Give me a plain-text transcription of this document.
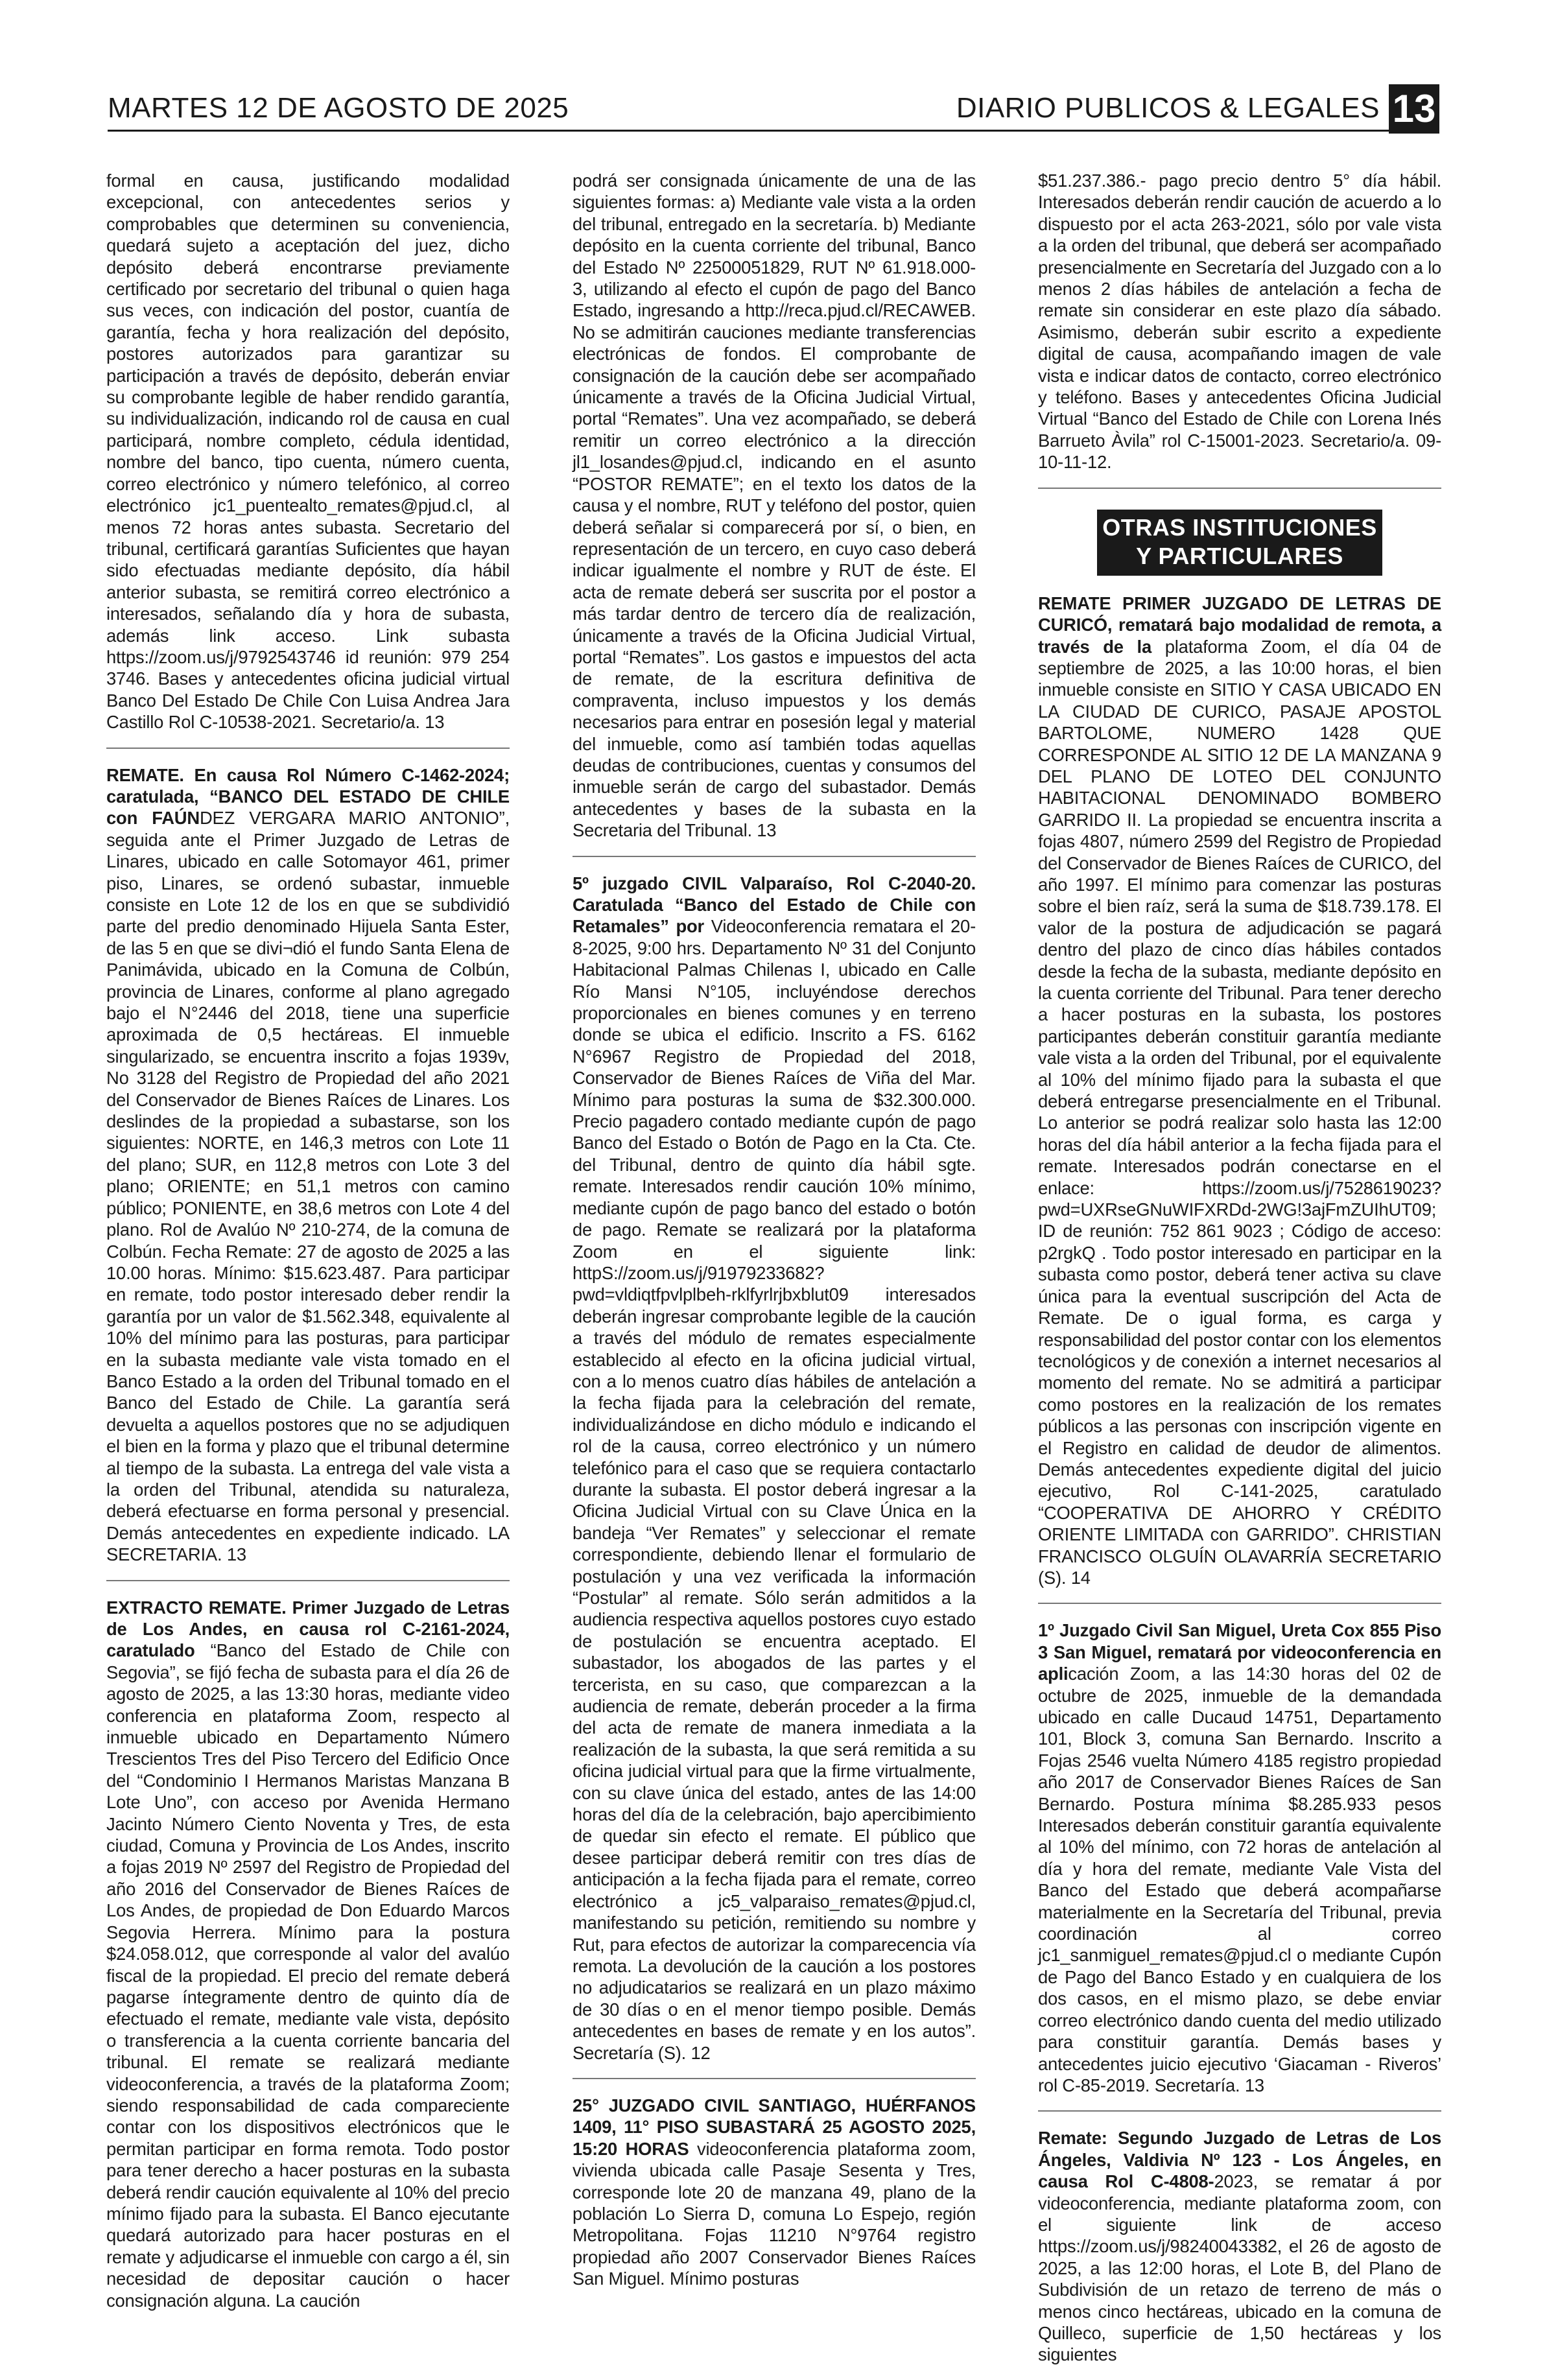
MARTES 12 DE AGOSTO DE 2025	DIARIO PUBLICOS & LEGALES 13
formal en causa, justificando modalidad excepcional, con antecedentes serios y comprobables que determinen su conveniencia, quedará sujeto a aceptación del juez, dicho depósito deberá encontrarse previamente certificado por secretario del tribunal o quien haga sus veces, con indicación del postor, cuantía de garantía, fecha y hora realización del depósito, postores autorizados para garantizar su participación a través de depósito, deberán enviar su comprobante legible de haber rendido garantía, su individualización, indicando rol de causa en cual participará, nombre completo, cédula identidad, nombre del banco, tipo cuenta, número cuenta, correo electrónico y número telefónico, al correo electrónico jc1_puentealto_remates@pjud.cl, al menos 72 horas antes subasta. Secretario del tribunal, certificará garantías Suficientes que hayan sido efectuadas mediante depósito, día hábil anterior subasta, se remitirá correo electrónico a interesados, señalando día y hora de subasta, además link acceso. Link subasta https://zoom.us/j/9792543746 id reunión: 979 254 3746. Bases y antecedentes oficina judicial virtual Banco Del Estado De Chile Con Luisa Andrea Jara Castillo Rol C-10538-2021. Secretario/a. 13
REMATE. En causa Rol Número C-1462-2024; caratulada, “BANCO DEL ESTADO DE CHILE con FAÚNDEZ VERGARA MARIO ANTONIO”, seguida ante el Primer Juzgado de Letras de Linares, ubicado en calle Sotomayor 461, primer piso, Linares, se ordenó subastar, inmueble consiste en Lote 12 de los en que se subdividió parte del predio denominado Hijuela Santa Ester, de las 5 en que se divi¬dió el fundo Santa Elena de Panimávida, ubicado en la Comuna de Colbún, provincia de Linares, conforme al plano agregado bajo el N°2446 del 2018, tiene una superficie aproximada de 0,5 hectáreas. El inmueble singularizado, se encuentra inscrito a fojas 1939v, No 3128 del Registro de Propiedad del año 2021 del Conservador de Bienes Raíces de Linares. Los deslindes de la propiedad a subastarse, son los siguientes: NORTE, en 146,3 metros con Lote 11 del plano; SUR, en 112,8 metros con Lote 3 del plano; ORIENTE; en 51,1 metros con camino público; PONIENTE, en 38,6 metros con Lote 4 del plano. Rol de Avalúo Nº 210-274, de la comuna de Colbún. Fecha Remate: 27 de agosto de 2025 a las 10.00 horas. Mínimo: $15.623.487. Para participar en remate, todo postor interesado deber rendir la garantía por un valor de $1.562.348, equivalente al 10% del mínimo para las posturas, para participar en la subasta mediante vale vista tomado en el Banco Estado a la orden del Tribunal tomado en el Banco del Estado de Chile. La garantía será devuelta a aquellos postores que no se adjudiquen el bien en la forma y plazo que el tribunal determine al tiempo de la subasta. La entrega del vale vista a la orden del Tribunal, atendida su naturaleza, deberá efectuarse en forma personal y presencial. Demás antecedentes en expediente indicado. LA SECRETARIA. 13
EXTRACTO REMATE. Primer Juzgado de Letras de Los Andes, en causa rol C-2161-2024, caratulado “Banco del Estado de Chile con Segovia”, se fijó fecha de subasta para el día 26 de agosto de 2025, a las 13:30 horas, mediante video conferencia en plataforma Zoom, respecto al inmueble ubicado en Departamento Número Trescientos Tres del Piso Tercero del Edificio Once del “Condominio I Hermanos Maristas Manzana B Lote Uno”, con acceso por Avenida Hermano Jacinto Número Ciento Noventa y Tres, de esta ciudad, Comuna y Provincia de Los Andes, inscrito a fojas 2019 Nº 2597 del Registro de Propiedad del año 2016 del Conservador de Bienes Raíces de Los Andes, de propiedad de Don Eduardo Marcos Segovia Herrera. Mínimo para la postura $24.058.012, que corresponde al valor del avalúo fiscal de la propiedad. El precio del remate deberá pagarse íntegramente dentro de quinto día de efectuado el remate, mediante vale vista, depósito o transferencia a la cuenta corriente bancaria del tribunal. El remate se realizará mediante videoconferencia, a través de la plataforma Zoom; siendo responsabilidad de cada compareciente contar con los dispositivos electrónicos que le permitan participar en forma remota. Todo postor para tener derecho a hacer posturas en la subasta deberá rendir caución equivalente al 10% del precio mínimo fijado para la subasta. El Banco ejecutante quedará autorizado para hacer posturas en el remate y adjudicarse el inmueble con cargo a él, sin necesidad de depositar caución o hacer consignación alguna. La caución
podrá ser consignada únicamente de una de las siguientes formas: a) Mediante vale vista a la orden del tribunal, entregado en la secretaría. b) Mediante depósito en la cuenta corriente del tribunal, Banco del Estado Nº 22500051829, RUT Nº 61.918.000- 3, utilizando al efecto el cupón de pago del Banco Estado, ingresando a http://reca.pjud.cl/RECAWEB. No se admitirán cauciones mediante transferencias electrónicas de fondos. El comprobante de consignación de la caución debe ser acompañado únicamente a través de la Oficina Judicial Virtual, portal “Remates”. Una vez acompañado, se deberá remitir un correo electrónico a la dirección jl1_losandes@pjud.cl, indicando en el asunto “POSTOR REMATE”; en el texto los datos de la causa y el nombre, RUT y teléfono del postor, quien deberá señalar si comparecerá por sí, o bien, en representación de un tercero, en cuyo caso deberá indicar igualmente el nombre y RUT de éste. El acta de remate deberá ser suscrita por el postor a más tardar dentro de tercero día de realización, únicamente a través de la Oficina Judicial Virtual, portal “Remates”. Los gastos e impuestos del acta de remate, de la escritura definitiva de compraventa, incluso impuestos y los demás necesarios para entrar en posesión legal y material del inmueble, como así también todas aquellas deudas de contribuciones, cuentas y consumos del inmueble serán de cargo del subastador. Demás antecedentes y bases de la subasta en la Secretaria del Tribunal. 13
5º juzgado CIVIL Valparaíso, Rol C-2040-20. Caratulada “Banco del Estado de Chile con Retamales” por Videoconferencia rematara el 20-8-2025, 9:00 hrs. Departamento Nº 31 del Conjunto Habitacional Palmas Chilenas I, ubicado en Calle Río Mansi N°105, incluyéndose derechos proporcionales en bienes comunes y en terreno donde se ubica el edificio. Inscrito a FS. 6162 N°6967 Registro de Propiedad del 2018, Conservador de Bienes Raíces de Viña del Mar. Mínimo para posturas la suma de $32.300.000. Precio pagadero contado mediante cupón de pago Banco del Estado o Botón de Pago en la Cta. Cte. del Tribunal, dentro de quinto día hábil sgte. remate. Interesados rendir caución 10% mínimo, mediante cupón de pago banco del estado o botón de pago. Remate se realizará por la plataforma Zoom en el siguiente link: httpS://zoom.us/j/91979233682?pwd=vldiqtfpvlplbeh-rklfyrlrjbxblut09 interesados deberán ingresar comprobante legible de la caución a través del módulo de remates especialmente establecido al efecto en la oficina judicial virtual, con a lo menos cuatro días hábiles de antelación a la fecha fijada para la celebración del remate, individualizándose en dicho módulo e indicando el rol de la causa, correo electrónico y un número telefónico para el caso que se requiera contactarlo durante la subasta. El postor deberá ingresar a la Oficina Judicial Virtual con su Clave Única en la bandeja “Ver Remates” y seleccionar el remate correspondiente, debiendo llenar el formulario de postulación y una vez verificada la información “Postular” al remate. Sólo serán admitidos a la audiencia respectiva aquellos postores cuyo estado de postulación se encuentra aceptado. El subastador, los abogados de las partes y el tercerista, en su caso, que comparezcan a la audiencia de remate, deberán proceder a la firma del acta de remate de manera inmediata a la realización de la subasta, la que será remitida a su oficina judicial virtual para que la firme virtualmente, con su clave única del estado, antes de las 14:00 horas del día de la celebración, bajo apercibimiento de quedar sin efecto el remate. El público que desee participar deberá remitir con tres días de anticipación a la fecha fijada para el remate, correo electrónico a jc5_valparaiso_remates@pjud.cl, manifestando su petición, remitiendo su nombre y Rut, para efectos de autorizar la comparecencia vía remota. La devolución de la caución a los postores no adjudicatarios se realizará en un plazo máximo de 30 días o en el menor tiempo posible. Demás antecedentes en bases de remate y en los autos”. Secretaría (S). 12
25° JUZGADO CIVIL SANTIAGO, HUÉRFANOS 1409, 11° PISO SUBASTARÁ 25 AGOSTO 2025, 15:20 HORAS videoconferencia plataforma zoom, vivienda ubicada calle Pasaje Sesenta y Tres, corresponde lote 20 de manzana 49, plano de la población Lo Sierra D, comuna Lo Espejo, región Metropolitana. Fojas 11210 N°9764 registro propiedad año 2007 Conservador Bienes Raíces San Miguel. Mínimo posturas
$51.237.386.- pago precio dentro 5° día hábil. Interesados deberán rendir caución de acuerdo a lo dispuesto por el acta 263-2021, sólo por vale vista a la orden del tribunal, que deberá ser acompañado presencialmente en Secretaría del Juzgado con a lo menos 2 días hábiles de antelación a fecha de remate sin considerar en este plazo día sábado. Asimismo, deberán subir escrito a expediente digital de causa, acompañando imagen de vale vista e indicar datos de contacto, correo electrónico y teléfono. Bases y antecedentes Oficina Judicial Virtual “Banco del Estado de Chile con Lorena Inés Barrueto Àvila” rol C-15001-2023. Secretario/a. 09-10-11-12.
OTRAS INSTITUCIONES
Y PARTICULARES
REMATE PRIMER JUZGADO DE LETRAS DE CURICÓ, rematará bajo modalidad de remota, a través de la plataforma Zoom, el día 04 de septiembre de 2025, a las 10:00 horas, el bien inmueble consiste en SITIO Y CASA UBICADO EN LA CIUDAD DE CURICO, PASAJE APOSTOL BARTOLOME, NUMERO 1428 QUE CORRESPONDE AL SITIO 12 DE LA MANZANA 9 DEL PLANO DE LOTEO DEL CONJUNTO HABITACIONAL DENOMINADO BOMBERO GARRIDO II. La propiedad se encuentra inscrita a fojas 4807, número 2599 del Registro de Propiedad del Conservador de Bienes Raíces de CURICO, del año 1997. El mínimo para comenzar las posturas sobre el bien raíz, será la suma de $18.739.178. El valor de la postura de adjudicación se pagará dentro del plazo de cinco días hábiles contados desde la fecha de la subasta, mediante depósito en la cuenta corriente del Tribunal. Para tener derecho a hacer posturas en la subasta, los postores participantes deberán constituir garantía mediante vale vista a la orden del Tribunal, por el equivalente al 10% del mínimo fijado para la subasta el que deberá entregarse presencialmente en el Tribunal. Lo anterior se podrá realizar solo hasta las 12:00 horas del día hábil anterior a la fecha fijada para el remate. Interesados podrán conectarse en el enlace: https://zoom.us/j/7528619023?pwd=UXRseGNuWIFXRDd-2WG!3ajFmZUIhUT09; ID de reunión: 752 861 9023 ; Código de acceso: p2rgkQ . Todo postor interesado en participar en la subasta como postor, deberá tener activa su clave única para la eventual suscripción del Acta de Remate. De o igual forma, es carga y responsabilidad del postor contar con los elementos tecnológicos y de conexión a internet necesarios al momento del remate. No se admitirá a participar como postores en la realización de los remates públicos a las personas con inscripción vigente en el Registro en calidad de deudor de alimentos. Demás antecedentes expediente digital del juicio ejecutivo, Rol C-141-2025, caratulado “COOPERATIVA DE AHORRO Y CRÉDITO ORIENTE LIMITADA con GARRIDO”. CHRISTIAN FRANCISCO OLGUÍN OLAVARRÍA SECRETARIO (S). 14
1º Juzgado Civil San Miguel, Ureta Cox 855 Piso 3 San Miguel, rematará por videoconferencia en aplicación Zoom, a las 14:30 horas del 02 de octubre de 2025, inmueble de la demandada ubicado en calle Ducaud 14751, Departamento 101, Block 3, comuna San Bernardo. Inscrito a Fojas 2546 vuelta Número 4185 registro propiedad año 2017 de Conservador Bienes Raíces de San Bernardo. Postura mínima $8.285.933 pesos Interesados deberán constituir garantía equivalente al 10% del mínimo, con 72 horas de antelación al día y hora del remate, mediante Vale Vista del Banco del Estado que deberá acompañarse materialmente en la Secretaría del Tribunal, previa coordinación al correo jc1_sanmiguel_remates@pjud.cl o mediante Cupón de Pago del Banco Estado y en cualquiera de los dos casos, en el mismo plazo, se debe enviar correo electrónico dando cuenta del medio utilizado para constituir garantía. Demás bases y antecedentes juicio ejecutivo ‘Giacaman - Riveros’ rol C-85-2019. Secretaría. 13
Remate: Segundo Juzgado de Letras de Los Ángeles, Valdivia Nº 123 - Los Ángeles, en causa Rol C-4808-2023, se rematar á por videoconferencia, mediante plataforma zoom, con el siguiente link de acceso https://zoom.us/j/98240043382, el 26 de agosto de 2025, a las 12:00 horas, el Lote B, del Plano de Subdivisión de un retazo de terreno de más o menos cinco hectáreas, ubicado en la comuna de Quilleco, superficie de 1,50 hectáreas y los siguientes
